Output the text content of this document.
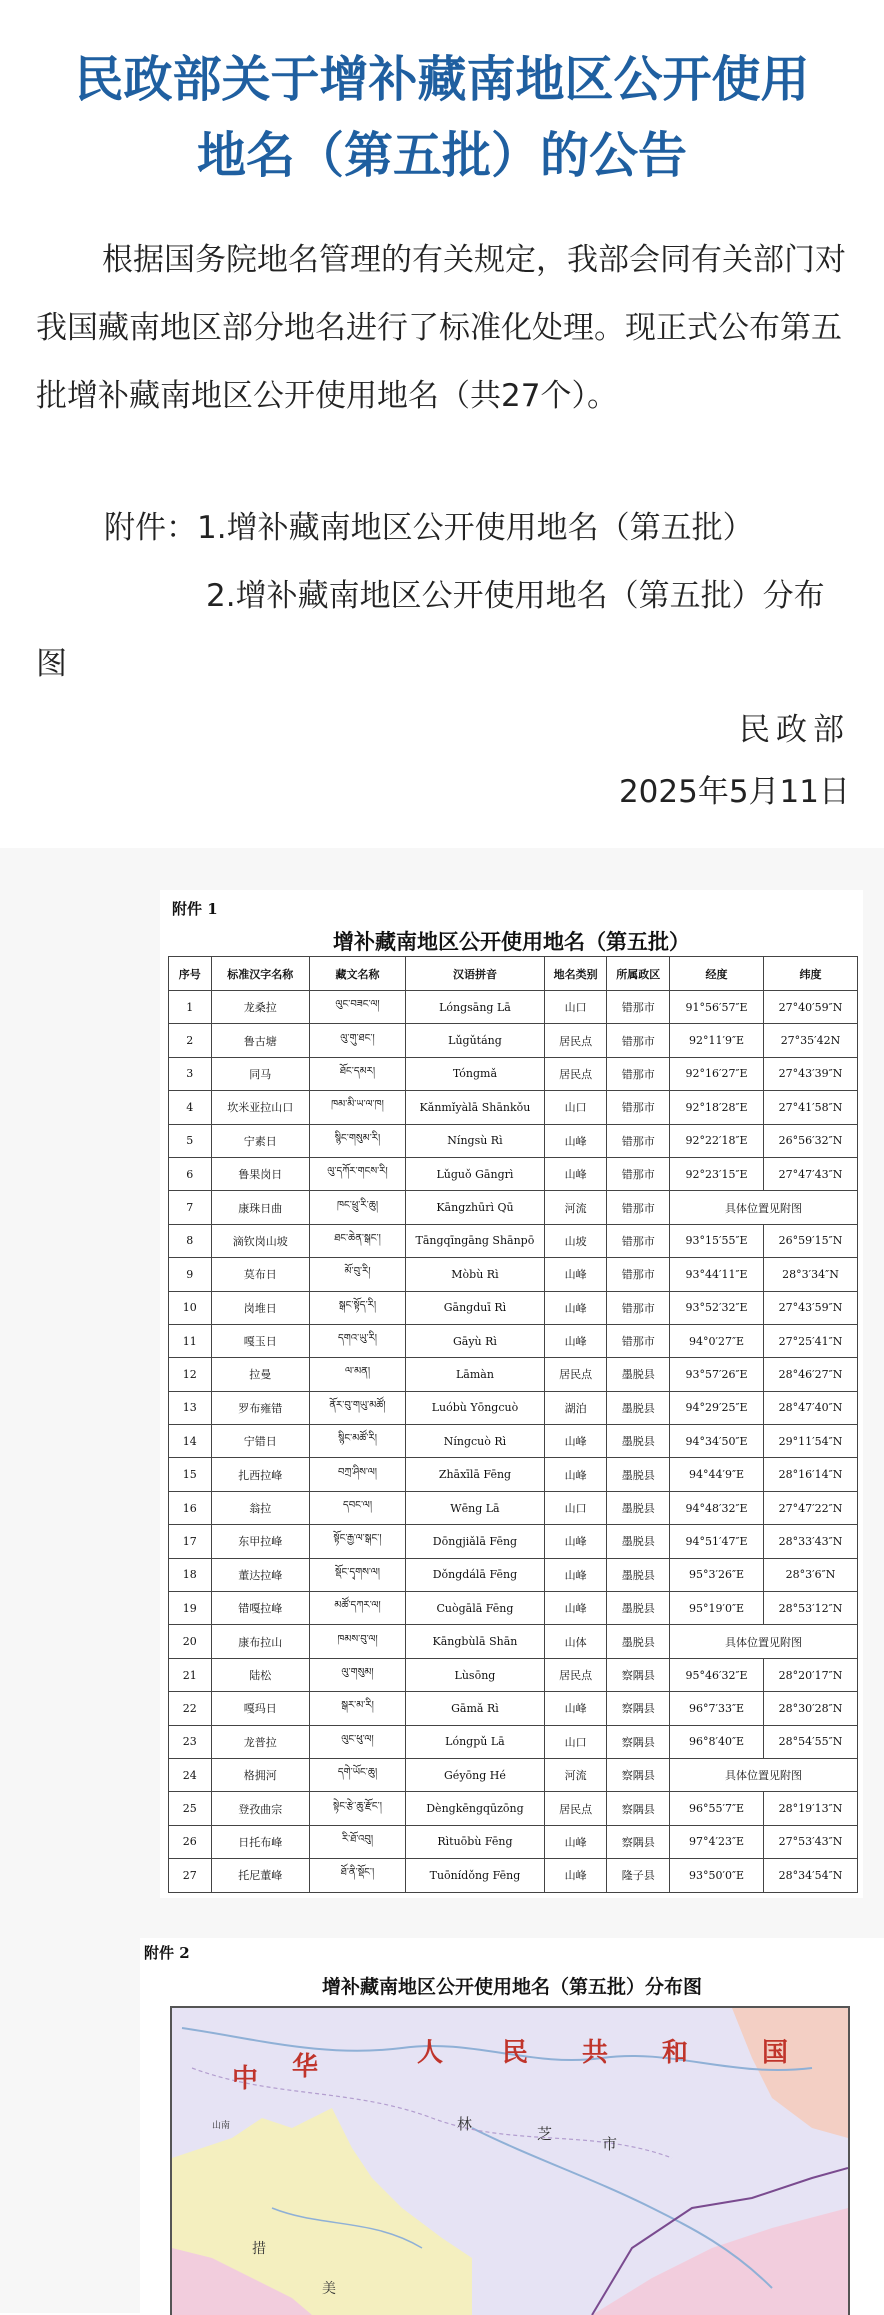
民政部关于增补藏南地区公开使用
地名（第五批）的公告
根据国务院地名管理的有关规定，我部会同有关部门对我国藏南地区部分地名进行了标准化处理。现正式公布第五批增补藏南地区公开使用地名（共27个）。
附件：1.增补藏南地区公开使用地名（第五批）
2.增补藏南地区公开使用地名（第五批）分布图
民政部
2025年5月11日
附件 1
增补藏南地区公开使用地名（第五批）
序号	标准汉字名称	藏文名称	汉语拼音	地名类别	所属政区	经度	纬度
1	龙桑拉	ལུང་བཟང་ལ།	Lóngsāng Lā	山口	错那市	91°56′57″E	27°40′59″N
2	鲁古塘	ལུ་གུ་ཐང་།	Lǔgǔtáng	居民点	错那市	92°11′9″E	27°35′42N
3	同马	ཐོང་དམར།	Tóngmǎ	居民点	错那市	92°16′27″E	27°43′39″N
4	坎米亚拉山口	ཁམ་མི་ཡ་ལ་ཁ།	Kǎnmǐyàlā Shānkǒu	山口	错那市	92°18′28″E	27°41′58″N
5	宁素日	སྙིང་གསུམ་རི།	Níngsù Rì	山峰	错那市	92°22′18″E	26°56′32″N
6	鲁果岗日	ལུ་དཀོར་གངས་རི།	Lǔguǒ Gāngrì	山峰	错那市	92°23′15″E	27°47′43″N
7	康珠日曲	ཁང་ཕྲུ་རི་ཆུ།	Kāngzhūrì Qū	河流	错那市	具体位置见附图	
8	滴钦岗山坡	ཐང་ཆེན་སྒང་།	Tāngqīngāng Shānpō	山坡	错那市	93°15′55″E	26°59′15″N
9	莫布日	མོ་བུ་རི།	Mòbù Rì	山峰	错那市	93°44′11″E	28°3′34″N
10	岗堆日	སྒང་སྟོད་རི།	Gāngduī Rì	山峰	错那市	93°52′32″E	27°43′59″N
11	嘎玉日	དགའ་ཡུ་རི།	Gāyù Rì	山峰	错那市	94°0′27″E	27°25′41″N
12	拉曼	ལ་མན།	Lāmàn	居民点	墨脱县	93°57′26″E	28°46′27″N
13	罗布雍错	ནོར་བུ་གཡུ་མཚོ།	Luóbù Yōngcuò	湖泊	墨脱县	94°29′25″E	28°47′40″N
14	宁错日	སྙིང་མཚོ་རི།	Níngcuò Rì	山峰	墨脱县	94°34′50″E	29°11′54″N
15	扎西拉峰	བཀྲ་ཤིས་ལ།	Zhāxīlā Fēng	山峰	墨脱县	94°44′9″E	28°16′14″N
16	翁拉	དབང་ལ།	Wēng Lā	山口	墨脱县	94°48′32″E	27°47′22″N
17	东甲拉峰	སྟོང་རྒྱ་ལ་སྒང་།	Dōngjiǎlā Fēng	山峰	墨脱县	94°51′47″E	28°33′43″N
18	董达拉峰	སྡོང་དྭགས་ལ།	Dǒngdálā Fēng	山峰	墨脱县	95°3′26″E	28°3′6″N
19	错嘎拉峰	མཚོ་དཀར་ལ།	Cuògālā Fēng	山峰	墨脱县	95°19′0″E	28°53′12″N
20	康布拉山	ཁམས་བུ་ལ།	Kāngbùlā Shān	山体	墨脱县	具体位置见附图	
21	陆松	ལུ་གསུམ།	Lùsōng	居民点	察隅县	95°46′32″E	28°20′17″N
22	嘎玛日	སྒར་མ་རི།	Gāmǎ Rì	山峰	察隅县	96°7′33″E	28°30′28″N
23	龙普拉	ལུང་ཕུ་ལ།	Lóngpǔ Lā	山口	察隅县	96°8′40″E	28°54′55″N
24	格拥河	དགེ་ཡོང་ཆུ།	Géyōng Hé	河流	察隅县	具体位置见附图	
25	登孜曲宗	སྟེང་རྩེ་ཆུ་རྫོང་།	Dèngkēngqūzōng	居民点	察隅县	96°55′7″E	28°19′13″N
26	日托布峰	རི་ཐོ་འབུ།	Rìtuōbù Fēng	山峰	察隅县	97°4′23″E	27°53′43″N
27	托尼董峰	ཐོ་ནི་སྡོང་།	Tuōnídǒng Fēng	山峰	隆子县	93°50′0″E	28°34′54″N
附件 2
增补藏南地区公开使用地名（第五批）分布图
中 华	人 民 共 和	国
林
芝
市
山南
措
美
